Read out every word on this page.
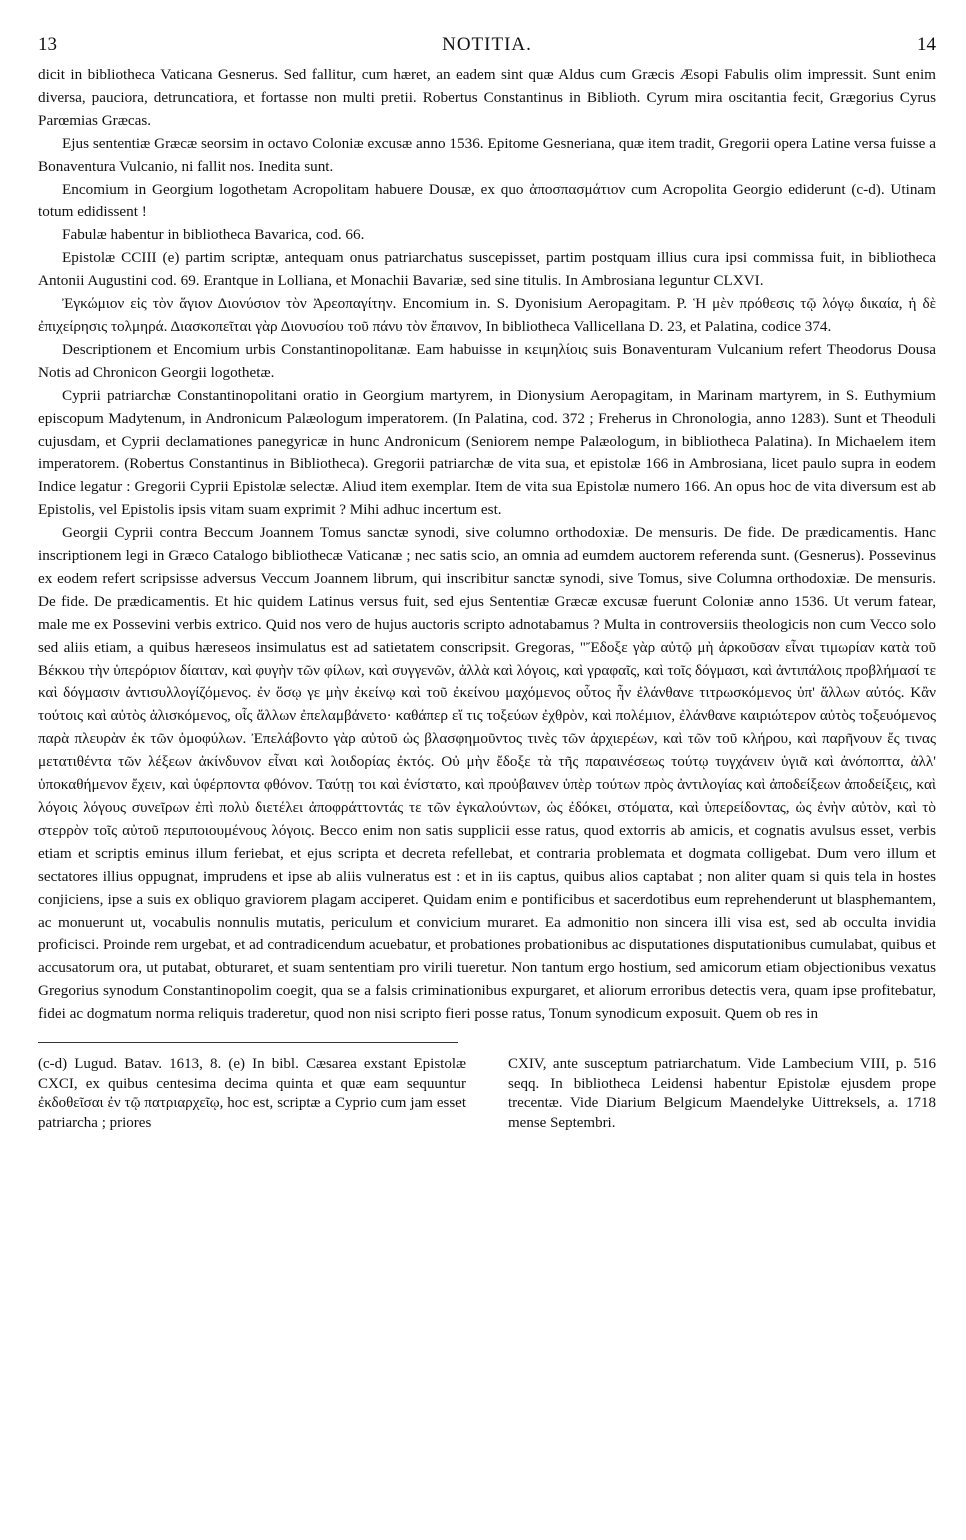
13	NOTITIA.	14

dicit in bibliotheca Vaticana Gesnerus. Sed fallitur, cum hæret, an eadem sint quæ Aldus cum Græcis Æsopi Fabulis olim impressit. Sunt enim diversa, pauciora, detruncatiora, et fortasse non multi pretii. Robertus Constantinus in Biblioth. Cyrum mira oscitantia fecit, Grægorius Cyrus Parœmias Græcas.

Ejus sententiæ Græcæ seorsim in octavo Coloniæ excusæ anno 1536. Epitome Gesneriana, quæ item tradit, Gregorii opera Latine versa fuisse a Bonaventura Vulcanio, ni fallit nos. Inedita sunt.

Encomium in Georgium logothetam Acropolitam habuere Dousæ, ex quo ἀποσπασμάτιον cum Acropolita Georgio ediderunt (c-d). Utinam totum edidissent !

Fabulæ habentur in bibliotheca Bavarica, cod. 66.

Epistolæ CCIII (e) partim scriptæ, antequam onus patriarchatus suscepisset, partim postquam illius cura ipsi commissa fuit, in bibliotheca Antonii Augustini cod. 69. Erantque in Lolliana, et Monachii Bavariæ, sed sine titulis. In Ambrosiana leguntur CLXVI.

Ἐγκώμιον εἰς τὸν ἅγιον Διονύσιον τὸν Ἀρεοπαγίτην. Encomium in. S. Dyonisium Aeropagitam. P. Ἡ μὲν πρόθεσις τῷ λόγῳ δικαία, ἡ δὲ ἐπιχείρησις τολμηρά. Διασκοπεῖται γὰρ Διονυσίου τοῦ πάνυ τὸν ἔπαινον, In bibliotheca Vallicellana D. 23, et Palatina, codice 374.

Descriptionem et Encomium urbis Constantinopolitanæ. Eam habuisse in κειμηλίοις suis Bonaventuram Vulcanium refert Theodorus Dousa Notis ad Chronicon Georgii logothetæ.

Cyprii patriarchæ Constantinopolitani oratio in Georgium martyrem, in Dionysium Aeropagitam, in Marinam martyrem, in S. Euthymium episcopum Madytenum, in Andronicum Palæologum imperatorem. (In Palatina, cod. 372 ; Freherus in Chronologia, anno 1283). Sunt et Theoduli cujusdam, et Cyprii declamationes panegyricæ in hunc Andronicum (Seniorem nempe Palæologum, in bibliotheca Palatina). In Michaelem item imperatorem. (Robertus Constantinus in Bibliotheca). Gregorii patriarchæ de vita sua, et epistolæ 166 in Ambrosiana, licet paulo supra in eodem Indice legatur : Gregorii Cyprii Epistolæ selectæ. Aliud item exemplar. Item de vita sua Epistolæ numero 166. An opus hoc de vita diversum est ab Epistolis, vel Epistolis ipsis vitam suam exprimit ? Mihi adhuc incertum est.

Georgii Cyprii contra Beccum Joannem Tomus sanctæ synodi, sive columno orthodoxiæ. De mensuris. De fide. De prædicamentis. Hanc inscriptionem legi in Græco Catalogo bibliothecæ Vaticanæ ; nec satis scio, an omnia ad eumdem auctorem referenda sunt. (Gesnerus). Possevinus ex eodem refert scripsisse adversus Veccum Joannem librum, qui inscribitur sanctæ synodi, sive Tomus, sive Columna orthodoxiæ. De mensuris. De fide. De prædicamentis. Et hic quidem Latinus versus fuit, sed ejus Sententiæ Græcæ excusæ fuerunt Coloniæ anno 1536. Ut verum fatear, male me ex Possevini verbis extrico. Quid nos vero de hujus auctoris scripto adnotabamus ? Multa in controversiis theologicis non cum Vecco solo sed aliis etiam, a quibus hæreseos insimulatus est ad satietatem conscripsit. Gregoras, "Ἔδοξε γὰρ αὐτῷ μὴ ἀρκοῦσαν εἶναι τιμωρίαν κατὰ τοῦ Βέκκου τὴν ὑπερόριον δίαιταν, καὶ φυγὴν τῶν φίλων, καὶ συγγενῶν, ἀλλὰ καὶ λόγοις, καὶ γραφαῖς, καὶ τοῖς δόγμασι, καὶ ἀντιπάλοις προβλήμασί τε καὶ δόγμασιν ἀντισυλλογίζόμενος. ἐν ὅσῳ γε μὴν ἐκείνῳ καὶ τοῦ ἐκείνου μαχόμενος οὗτος ἦν ἐλάνθανε τιτρωσκόμενος ὑπ' ἄλλων αὐτός. Κἂν τούτοις καὶ αὐτὸς ἁλισκόμενος, οἷς ἄλλων ἐπελαμβάνετο· καθάπερ εἴ τις τοξεύων ἐχθρὸν, καὶ πολέμιον, ἐλάνθανε καιριώτερον αὐτὸς τοξευόμενος παρὰ πλευρὰν ἐκ τῶν ὁμοφύλων. Ἐπελάβοντο γὰρ αὐτοῦ ὡς βλασφημοῦντος τινὲς τῶν ἀρχιερέων, καὶ τῶν τοῦ κλήρου, καὶ παρῆνουν ἔς τινας μετατιθέντα τῶν λέξεων ἀκίνδυνον εἶναι καὶ λοιδορίας ἐκτός. Οὐ μὴν ἔδοξε τὰ τῆς παραινέσεως τούτῳ τυγχάνειν ὑγιᾶ καὶ ἀνόποπτα, ἀλλ' ὑποκαθήμενον ἔχειν, καὶ ὑφέρποντα φθόνον. Ταύτῃ τοι καὶ ἐνίστατο, καὶ προὐβαινεν ὑπὲρ τούτων πρὸς ἀντιλογίας καὶ ἀποδείξεων ἀποδείξεις, καὶ λόγοις λόγους συνεῖρων ἐπὶ πολὺ διετέλει ἀποφράττοντάς τε τῶν ἐγκαλούντων, ὡς ἐδόκει, στόματα, καὶ ὑπερείδοντας, ὡς ἐνὴν αὐτὸν, καὶ τὸ στερρὸν τοῖς αὐτοῦ περιποιουμένους λόγοις. Becco enim non satis supplicii esse ratus, quod extorris ab amicis, et cognatis avulsus esset, verbis etiam et scriptis eminus illum feriebat, et ejus scripta et decreta refellebat, et contraria problemata et dogmata colligebat. Dum vero illum et sectatores illius oppugnat, imprudens et ipse ab aliis vulneratus est : et in iis captus, quibus alios captabat ; non aliter quam si quis tela in hostes conjiciens, ipse a suis ex obliquo graviorem plagam acciperet. Quidam enim e pontificibus et sacerdotibus eum reprehenderunt ut blasphemantem, ac monuerunt ut, vocabulis nonnulis mutatis, periculum et convicium muraret. Ea admonitio non sincera illi visa est, sed ab occulta invidia proficisci. Proinde rem urgebat, et ad contradicendum acuebatur, et probationes probationibus ac disputationes disputationibus cumulabat, quibus et accusatorum ora, ut putabat, obturaret, et suam sententiam pro virili tueretur. Non tantum ergo hostium, sed amicorum etiam objectionibus vexatus Gregorius synodum Constantinopolim coegit, qua se a falsis criminationibus expurgaret, et aliorum erroribus detectis vera, quam ipse profitebatur, fidei ac dogmatum norma reliquis traderetur, quod non nisi scripto fieri posse ratus, Tonum synodicum exposuit. Quem ob res in

(c-d) Lugud. Batav. 1613, 8. (e) In bibl. Cæsarea exstant Epistolæ CXCI, ex quibus centesima decima quinta et quæ eam sequuntur ἐκδοθεῖσαι ἐν τῷ πατριαρχεῖῳ, hoc est, scriptæ a Cyprio cum jam esset patriarcha ; priores
CXIV, ante susceptum patriarchatum. Vide Lambecium VIII, p. 516 seqq. In bibliotheca Leidensi habentur Epistolæ ejusdem prope trecentæ. Vide Diarium Belgicum Maendelyke Uittreksels, a. 1718 mense Septembri.
